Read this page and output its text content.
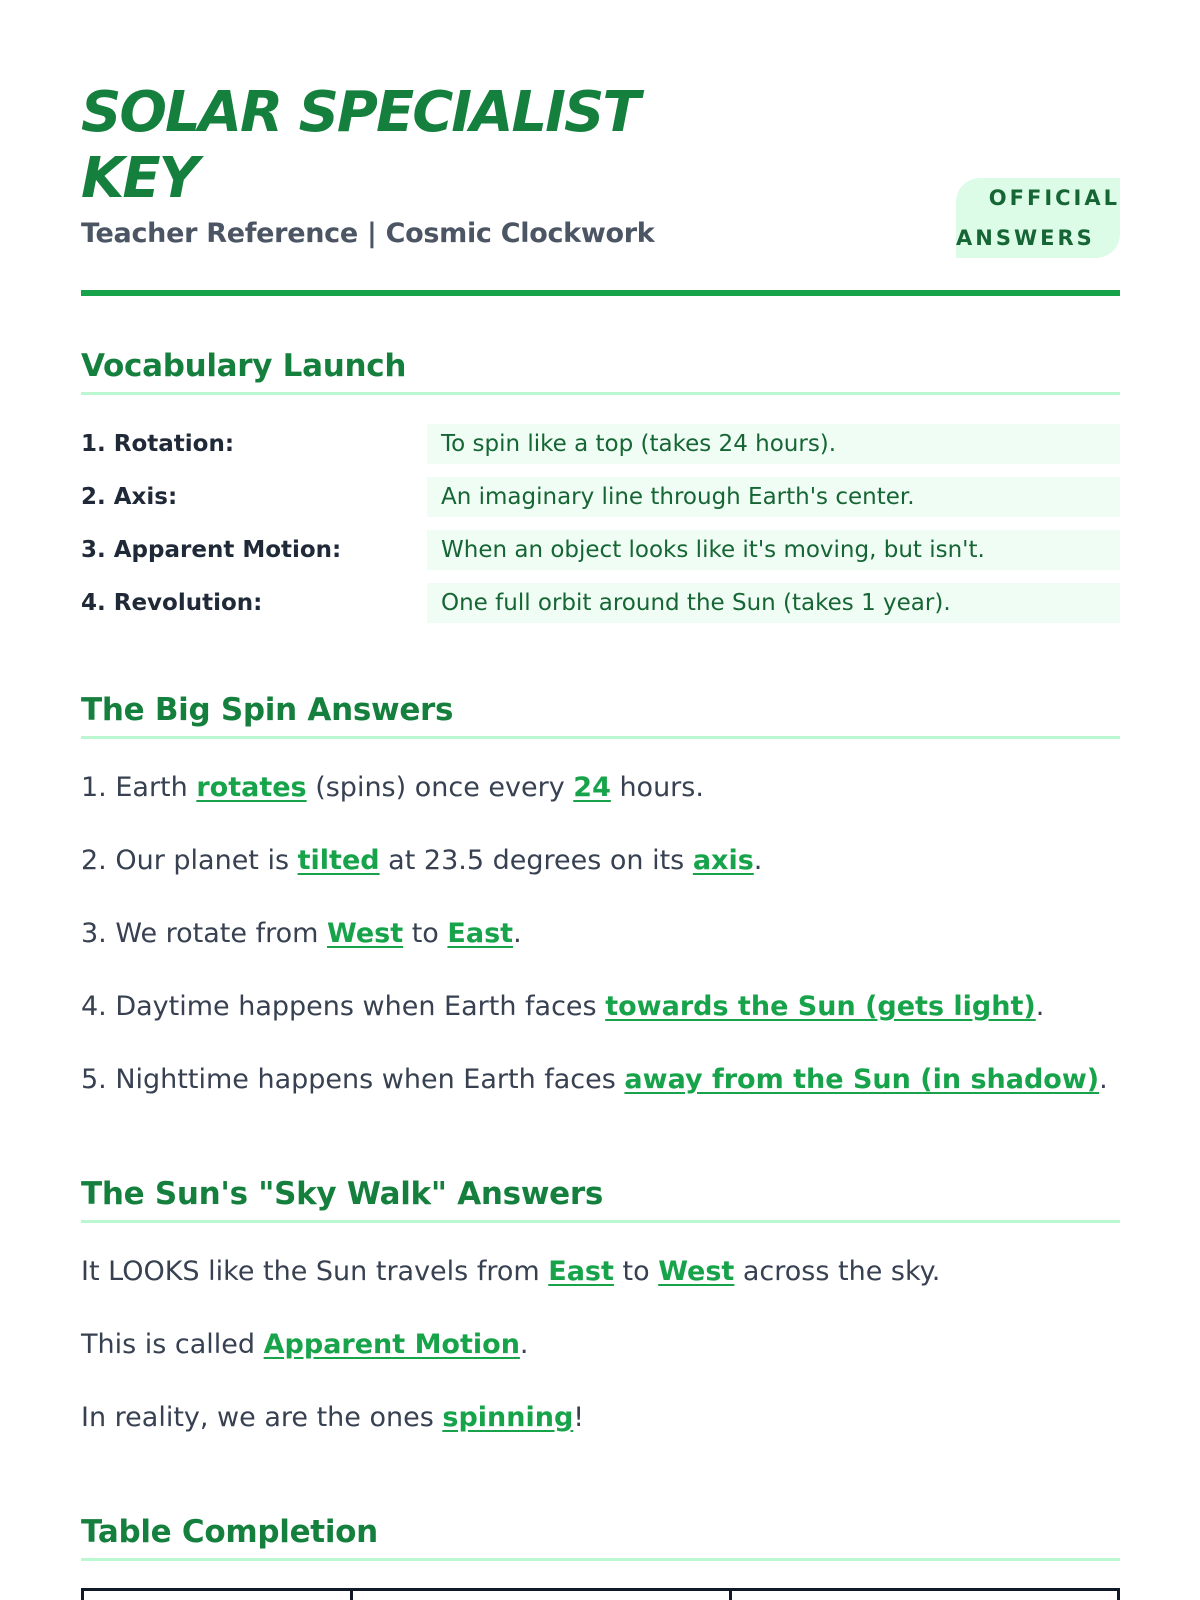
SOLAR SPECIALIST
KEY
Teacher Reference | Cosmic Clockwork
OFFICIAL
ANSWERS
Vocabulary Launch
1. Rotation:	To spin like a top (takes 24 hours).
2. Axis:	An imaginary line through Earth's center.
3. Apparent Motion:	When an object looks like it's moving, but isn't.
4. Revolution:	One full orbit around the Sun (takes 1 year).
The Big Spin Answers
1. Earth rotates (spins) once every 24 hours.
2. Our planet is tilted at 23.5 degrees on its axis.
3. We rotate from West to East.
4. Daytime happens when Earth faces towards the Sun (gets light).
5. Nighttime happens when Earth faces away from the Sun (in shadow).
The Sun's "Sky Walk" Answers
It LOOKS like the Sun travels from East to West across the sky.
This is called Apparent Motion.
In reality, we are the ones spinning!
Table Completion
